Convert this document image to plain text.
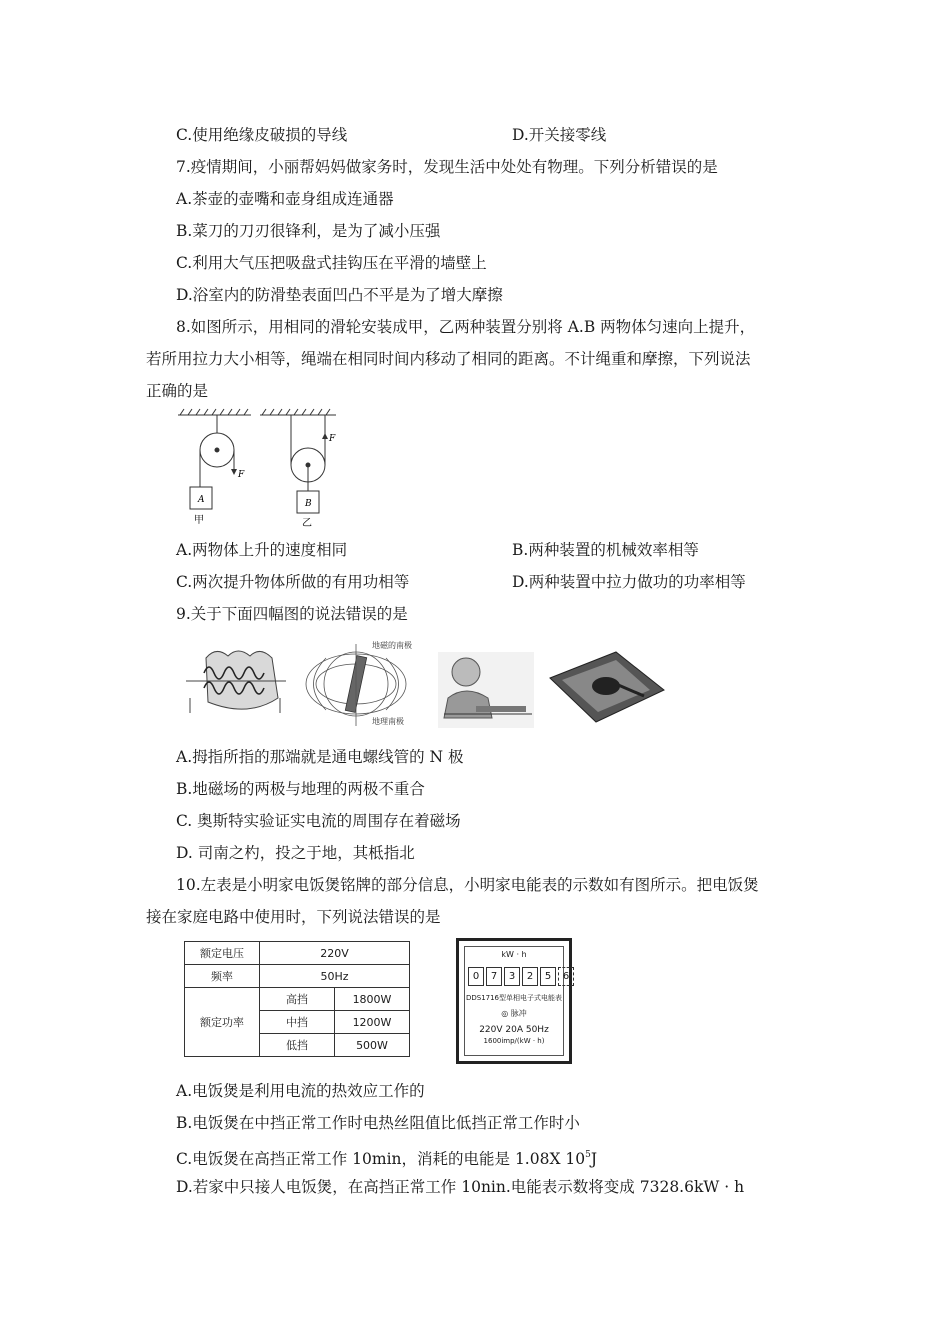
C.使用绝缘皮破损的导线	D.开关接零线
7.疫情期间，小丽帮妈妈做家务时，发现生活中处处有物理。下列分析错误的是
A.茶壶的壶嘴和壶身组成连通器
B.菜刀的刀刃很锋利，是为了减小压强
C.利用大气压把吸盘式挂钩压在平滑的墙壁上
D.浴室内的防滑垫表面凹凸不平是为了增大摩擦
8.如图所示，用相同的滑轮安装成甲，乙两种装置分别将 A.B 两物体匀速向上提升，
若所用拉力大小相等，绳端在相同时间内移动了相同的距离。不计绳重和摩擦，下列说法
正确的是
F
F
A	B
甲	乙
A.两物体上升的速度相同	B.两种装置的机械效率相等
C.两次提升物体所做的有用功相等	D.两种装置中拉力做功的功率相等
9.关于下面四幅图的说法错误的是
地磁的南极
地理南极
A.拇指所指的那端就是通电螺线管的 N 极
B.地磁场的两极与地理的两极不重合
C. 奥斯特实验证实电流的周围存在着磁场
D. 司南之杓，投之于地，其柢指北
10.左表是小明家电饭煲铭牌的部分信息，小明家电能表的示数如有图所示。把电饭煲
接在家庭电路中使用时，下列说法错误的是
额定电压	220V	
频率	50Hz	
额定功率	高挡	1800W
	中挡	1200W
	低挡	500W
kW · h
0	7	3	2	5	6
DDS1716型单相电子式电能表
◎ 脉冲
220V 20A 50Hz
1600imp/(kW · h)
A.电饭煲是利用电流的热效应工作的
B.电饭煲在中挡正常工作时电热丝阻值比低挡正常工作时小
C.电饭煲在高挡正常工作 10min，消耗的电能是 1.08X $10^5J$
D.若家中只接人电饭煲，在高挡正常工作 10nin.电能表示数将变成 7328.6kW · h
